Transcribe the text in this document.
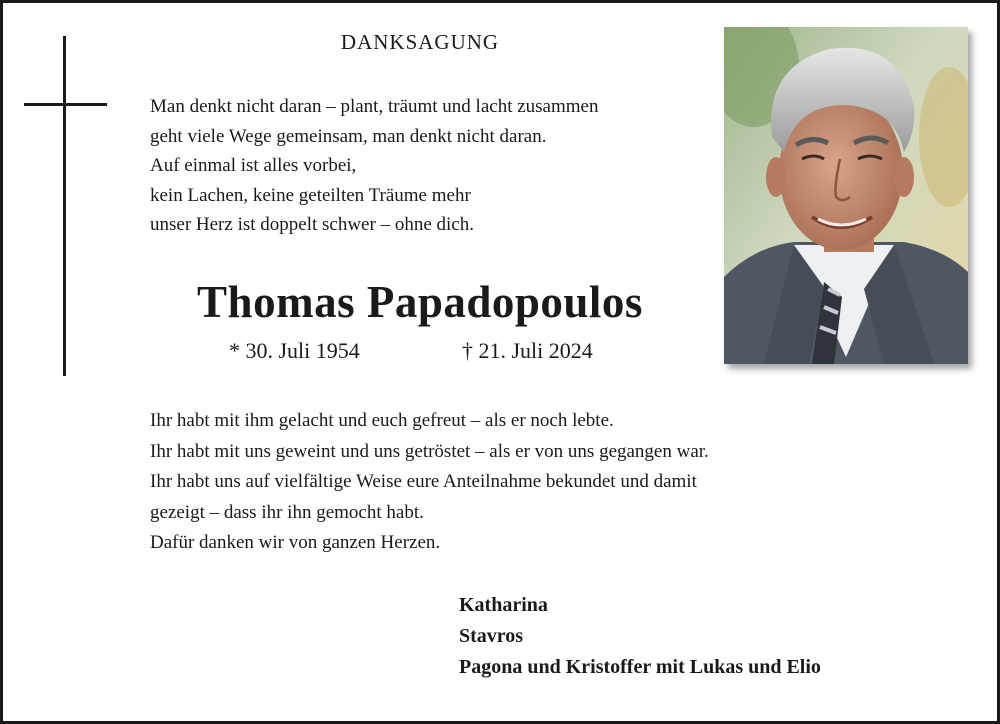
DANKSAGUNG
Man denkt nicht daran – plant, träumt und lacht zusammen
geht viele Wege gemeinsam, man denkt nicht daran.
Auf einmal ist alles vorbei,
kein Lachen, keine geteilten Träume mehr
unser Herz ist doppelt schwer – ohne dich.
Thomas Papadopoulos
* 30. Juli 1954	† 21. Juli 2024
Ihr habt mit ihm gelacht und euch gefreut – als er noch lebte.
Ihr habt mit uns geweint und uns getröstet – als er von uns gegangen war.
Ihr habt uns auf vielfältige Weise eure Anteilnahme bekundet und damit
gezeigt – dass ihr ihn gemocht habt.
Dafür danken wir von ganzen Herzen.
Katharina
Stavros
Pagona und Kristoffer mit Lukas und Elio
